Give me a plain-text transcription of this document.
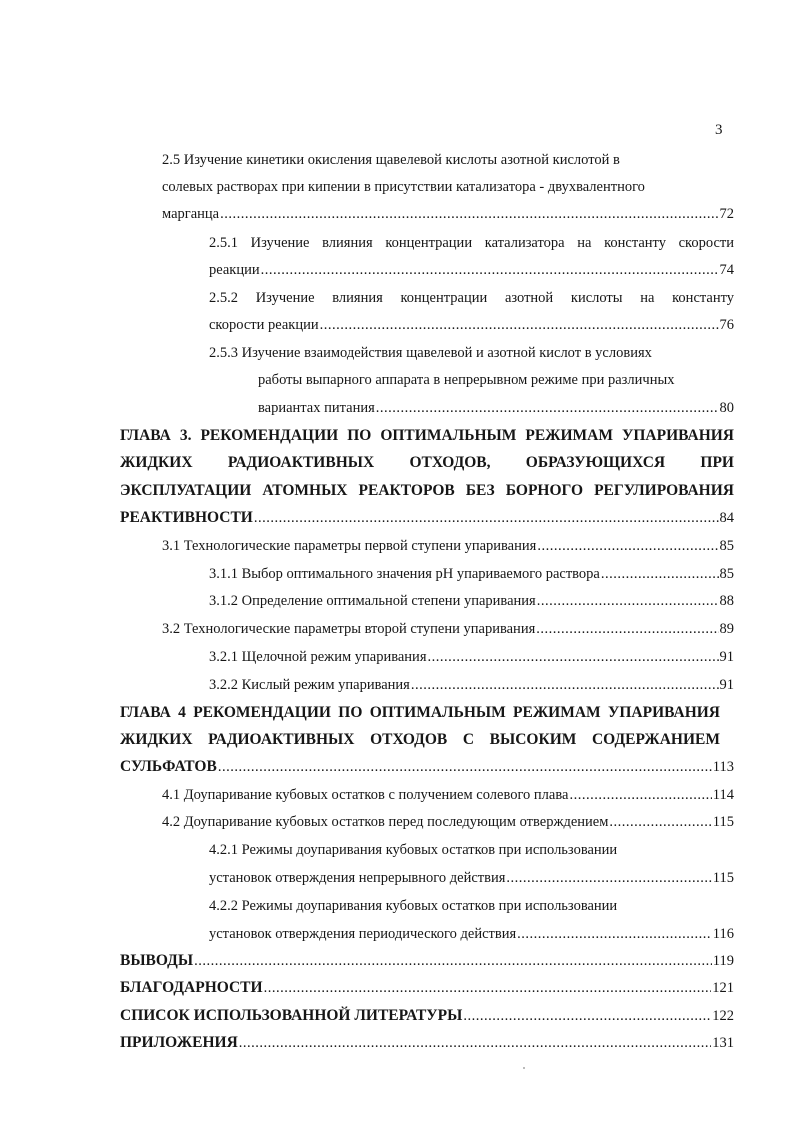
3
2.5 Изучение кинетики окисления щавелевой кислоты азотной кислотой в
солевых растворах при кипении в присутствии катализатора - двухвалентного
марганца .....	72
2.5.1 Изучение влияния концентрации катализатора на константу скорости
реакции .....	74
2.5.2 Изучение влияния концентрации азотной кислоты на константу
скорости реакции .....	76
2.5.3 Изучение взаимодействия щавелевой и азотной кислот в условиях
работы выпарного аппарата в непрерывном режиме при различных
вариантах питания .....	80
ГЛАВА 3. РЕКОМЕНДАЦИИ ПО ОПТИМАЛЬНЫМ РЕЖИМАМ УПАРИВАНИЯ
ЖИДКИХ РАДИОАКТИВНЫХ ОТХОДОВ, ОБРАЗУЮЩИХСЯ ПРИ
ЭКСПЛУАТАЦИИ АТОМНЫХ РЕАКТОРОВ БЕЗ БОРНОГО РЕГУЛИРОВАНИЯ
РЕАКТИВНОСТИ .....	84
3.1 Технологические параметры первой ступени упаривания .....	85
3.1.1 Выбор оптимального значения pH упариваемого раствора .....	85
3.1.2 Определение оптимальной степени упаривания .....	88
3.2 Технологические параметры второй ступени упаривания .....	89
3.2.1 Щелочной режим упаривания .....	91
3.2.2 Кислый режим упаривания .....	91
ГЛАВА 4 РЕКОМЕНДАЦИИ ПО ОПТИМАЛЬНЫМ РЕЖИМАМ УПАРИВАНИЯ
ЖИДКИХ РАДИОАКТИВНЫХ ОТХОДОВ С ВЫСОКИМ СОДЕРЖАНИЕМ
СУЛЬФАТОВ .....	113
4.1 Доупаривание кубовых остатков с получением солевого плава .....	114
4.2 Доупаривание кубовых остатков перед последующим отверждением .....	115
4.2.1 Режимы доупаривания кубовых остатков при использовании
установок отверждения непрерывного действия .....	115
4.2.2 Режимы доупаривания кубовых остатков при использовании
установок отверждения периодического действия .....	116
ВЫВОДЫ .....	119
БЛАГОДАРНОСТИ .....	121
СПИСОК ИСПОЛЬЗОВАННОЙ ЛИТЕРАТУРЫ .....	122
ПРИЛОЖЕНИЯ .....	131
